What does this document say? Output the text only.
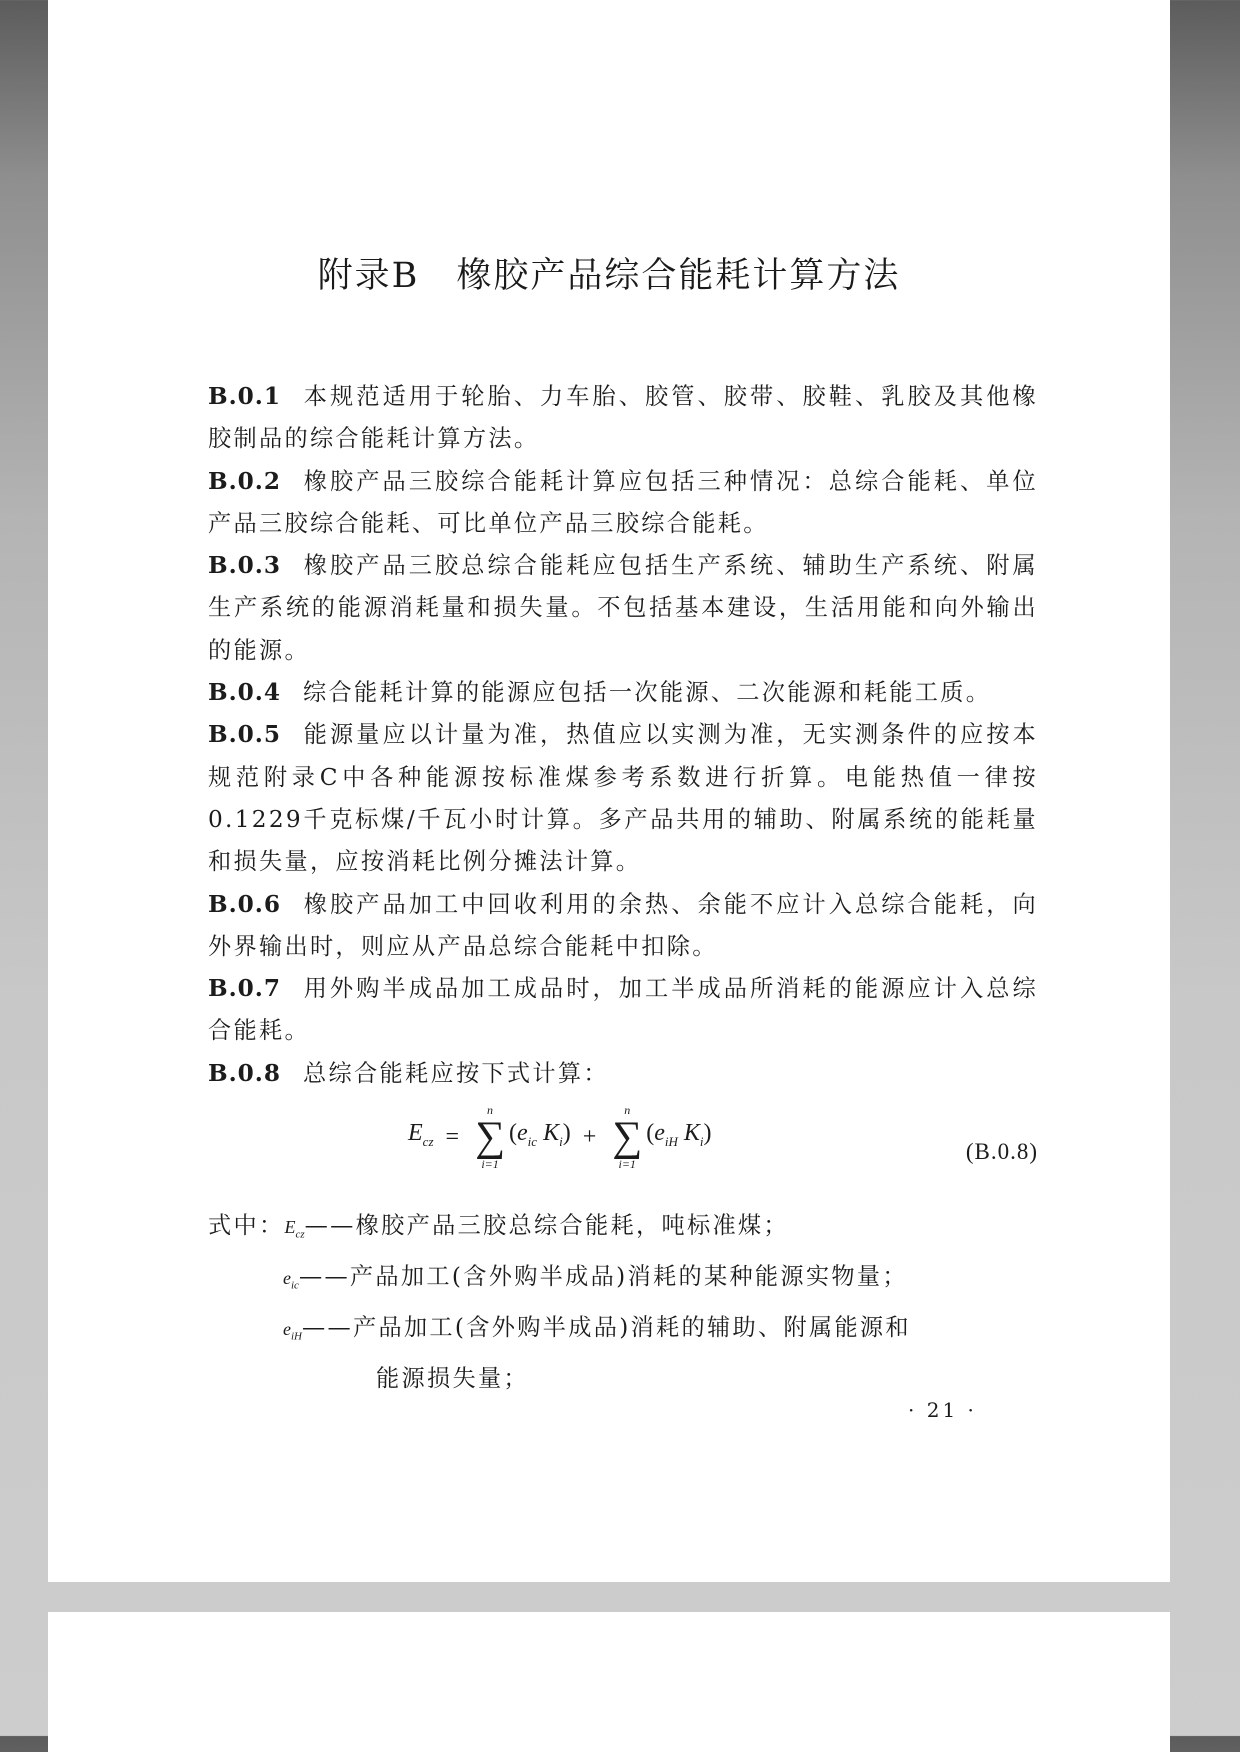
附录B　橡胶产品综合能耗计算方法

B.0.1 本规范适用于轮胎、力车胎、胶管、胶带、胶鞋、乳胶及其他橡胶制品的综合能耗计算方法。

B.0.2 橡胶产品三胶综合能耗计算应包括三种情况：总综合能耗、单位产品三胶综合能耗、可比单位产品三胶综合能耗。

B.0.3 橡胶产品三胶总综合能耗应包括生产系统、辅助生产系统、附属生产系统的能源消耗量和损失量。不包括基本建设，生活用能和向外输出的能源。

B.0.4 综合能耗计算的能源应包括一次能源、二次能源和耗能工质。

B.0.5 能源量应以计量为准，热值应以实测为准，无实测条件的应按本规范附录C中各种能源按标准煤参考系数进行折算。电能热值一律按0.1229千克标煤/千瓦小时计算。多产品共用的辅助、附属系统的能耗量和损失量，应按消耗比例分摊法计算。

B.0.6 橡胶产品加工中回收利用的余热、余能不应计入总综合能耗，向外界输出时，则应从产品总综合能耗中扣除。

B.0.7 用外购半成品加工成品时，加工半成品所消耗的能源应计入总综合能耗。

B.0.8 总综合能耗应按下式计算：

$E_{cz}$ =
n
∑
i=1
($e_{ic}$ $K_i$) +
n
∑
i=1
($e_{iH}$ $K_i$)
(B.0.8)

式中：$E_{cz}——$橡胶产品三胶总综合能耗，吨标准煤；

$e_{ic}——$产品加工(含外购半成品)消耗的某种能源实物量；

$e_{iH}——$产品加工(含外购半成品)消耗的辅助、附属能源和

能源损失量；

· 21 ·
